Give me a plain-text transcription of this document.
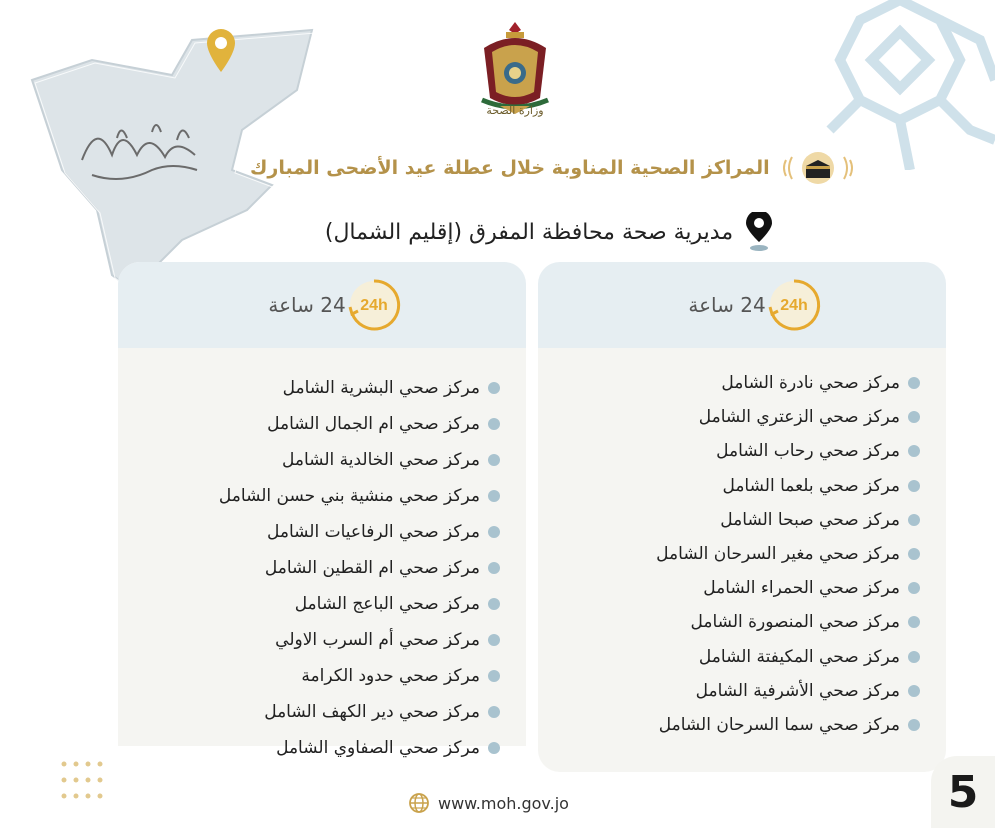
وزارة الصحة
المراكز الصحية المناوبة خلال عطلة عيد الأضحى المبارك
مديرية صحة محافظة المفرق (إقليم الشمال)
24h
24 ساعة
مركز صحي نادرة الشامل
مركز صحي الزعتري الشامل
مركز صحي رحاب الشامل
مركز صحي بلعما الشامل
مركز صحي صبحا الشامل
مركز صحي مغير السرحان الشامل
مركز صحي الحمراء الشامل
مركز صحي المنصورة الشامل
مركز صحي المكيفتة الشامل
مركز صحي الأشرفية الشامل
مركز صحي سما السرحان الشامل
24h
24 ساعة
مركز صحي البشرية الشامل
مركز صحي ام الجمال الشامل
مركز صحي الخالدية الشامل
مركز صحي منشية بني حسن الشامل
مركز صحي الرفاعيات الشامل
مركز صحي ام القطين الشامل
مركز صحي الباعج الشامل
مركز صحي أم السرب الاولي
مركز صحي حدود الكرامة
مركز صحي دير الكهف الشامل
مركز صحي الصفاوي الشامل
www.moh.gov.jo	5
